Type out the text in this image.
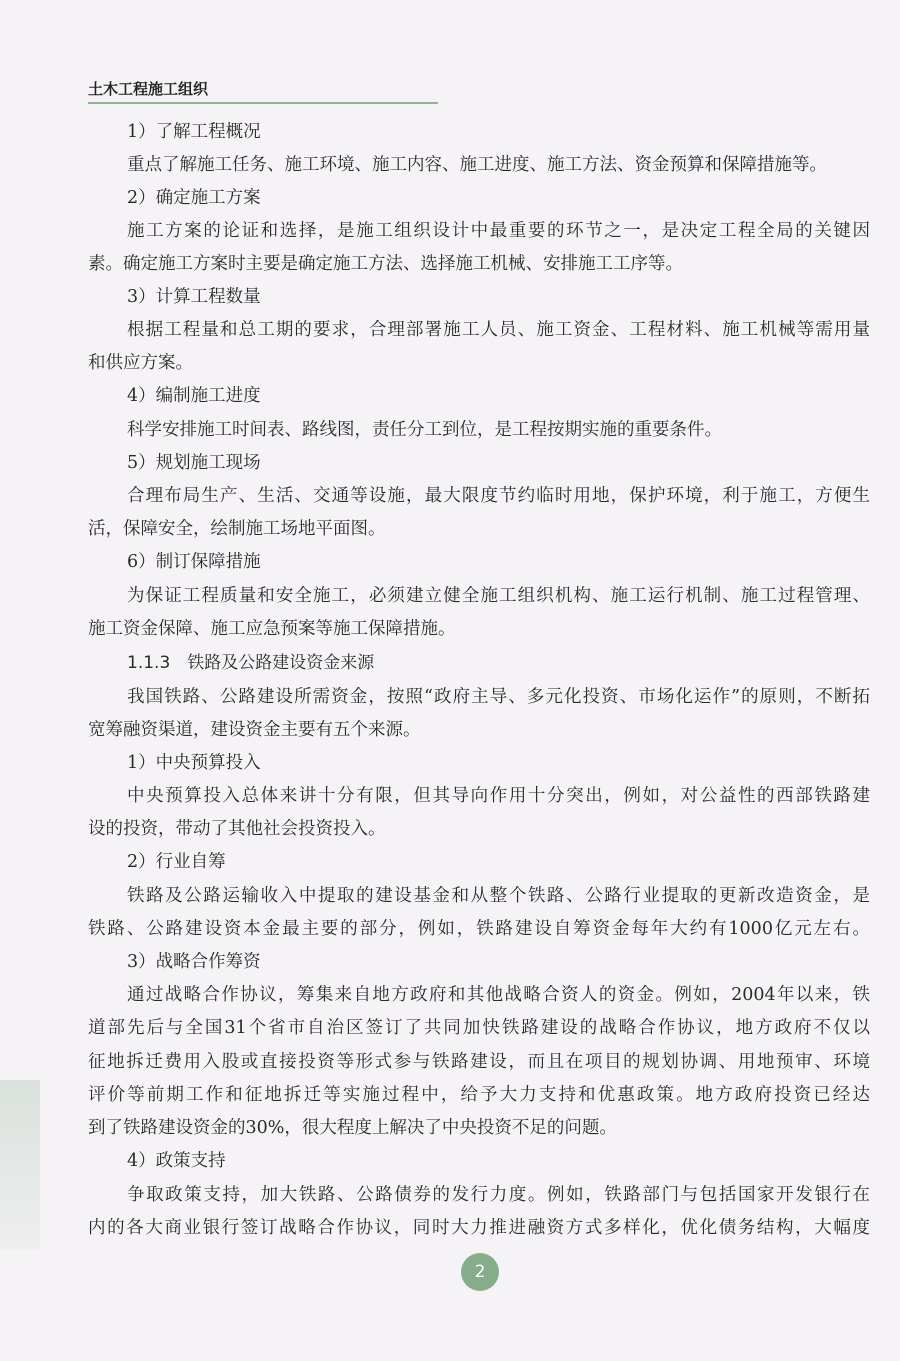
土木工程施工组织
1）了解工程概况
重点了解施工任务、施工环境、施工内容、施工进度、施工方法、资金预算和保障措施等。
2）确定施工方案
施工方案的论证和选择，是施工组织设计中最重要的环节之一，是决定工程全局的关键因
素。确定施工方案时主要是确定施工方法、选择施工机械、安排施工工序等。
3）计算工程数量
根据工程量和总工期的要求，合理部署施工人员、施工资金、工程材料、施工机械等需用量
和供应方案。
4）编制施工进度
科学安排施工时间表、路线图，责任分工到位，是工程按期实施的重要条件。
5）规划施工现场
合理布局生产、生活、交通等设施，最大限度节约临时用地，保护环境，利于施工，方便生
活，保障安全，绘制施工场地平面图。
6）制订保障措施
为保证工程质量和安全施工，必须建立健全施工组织机构、施工运行机制、施工过程管理、
施工资金保障、施工应急预案等施工保障措施。
1.1.3　铁路及公路建设资金来源
我国铁路、公路建设所需资金，按照“政府主导、多元化投资、市场化运作”的原则，不断拓
宽筹融资渠道，建设资金主要有五个来源。
1）中央预算投入
中央预算投入总体来讲十分有限，但其导向作用十分突出，例如，对公益性的西部铁路建
设的投资，带动了其他社会投资投入。
2）行业自筹
铁路及公路运输收入中提取的建设基金和从整个铁路、公路行业提取的更新改造资金，是
铁路、公路建设资本金最主要的部分，例如，铁路建设自筹资金每年大约有1000亿元左右。
3）战略合作筹资
通过战略合作协议，筹集来自地方政府和其他战略合资人的资金。例如，2004年以来，铁
道部先后与全国31个省市自治区签订了共同加快铁路建设的战略合作协议，地方政府不仅以
征地拆迁费用入股或直接投资等形式参与铁路建设，而且在项目的规划协调、用地预审、环境
评价等前期工作和征地拆迁等实施过程中，给予大力支持和优惠政策。地方政府投资已经达
到了铁路建设资金的30%，很大程度上解决了中央投资不足的问题。
4）政策支持
争取政策支持，加大铁路、公路债券的发行力度。例如，铁路部门与包括国家开发银行在
内的各大商业银行签订战略合作协议，同时大力推进融资方式多样化，优化债务结构，大幅度
2
